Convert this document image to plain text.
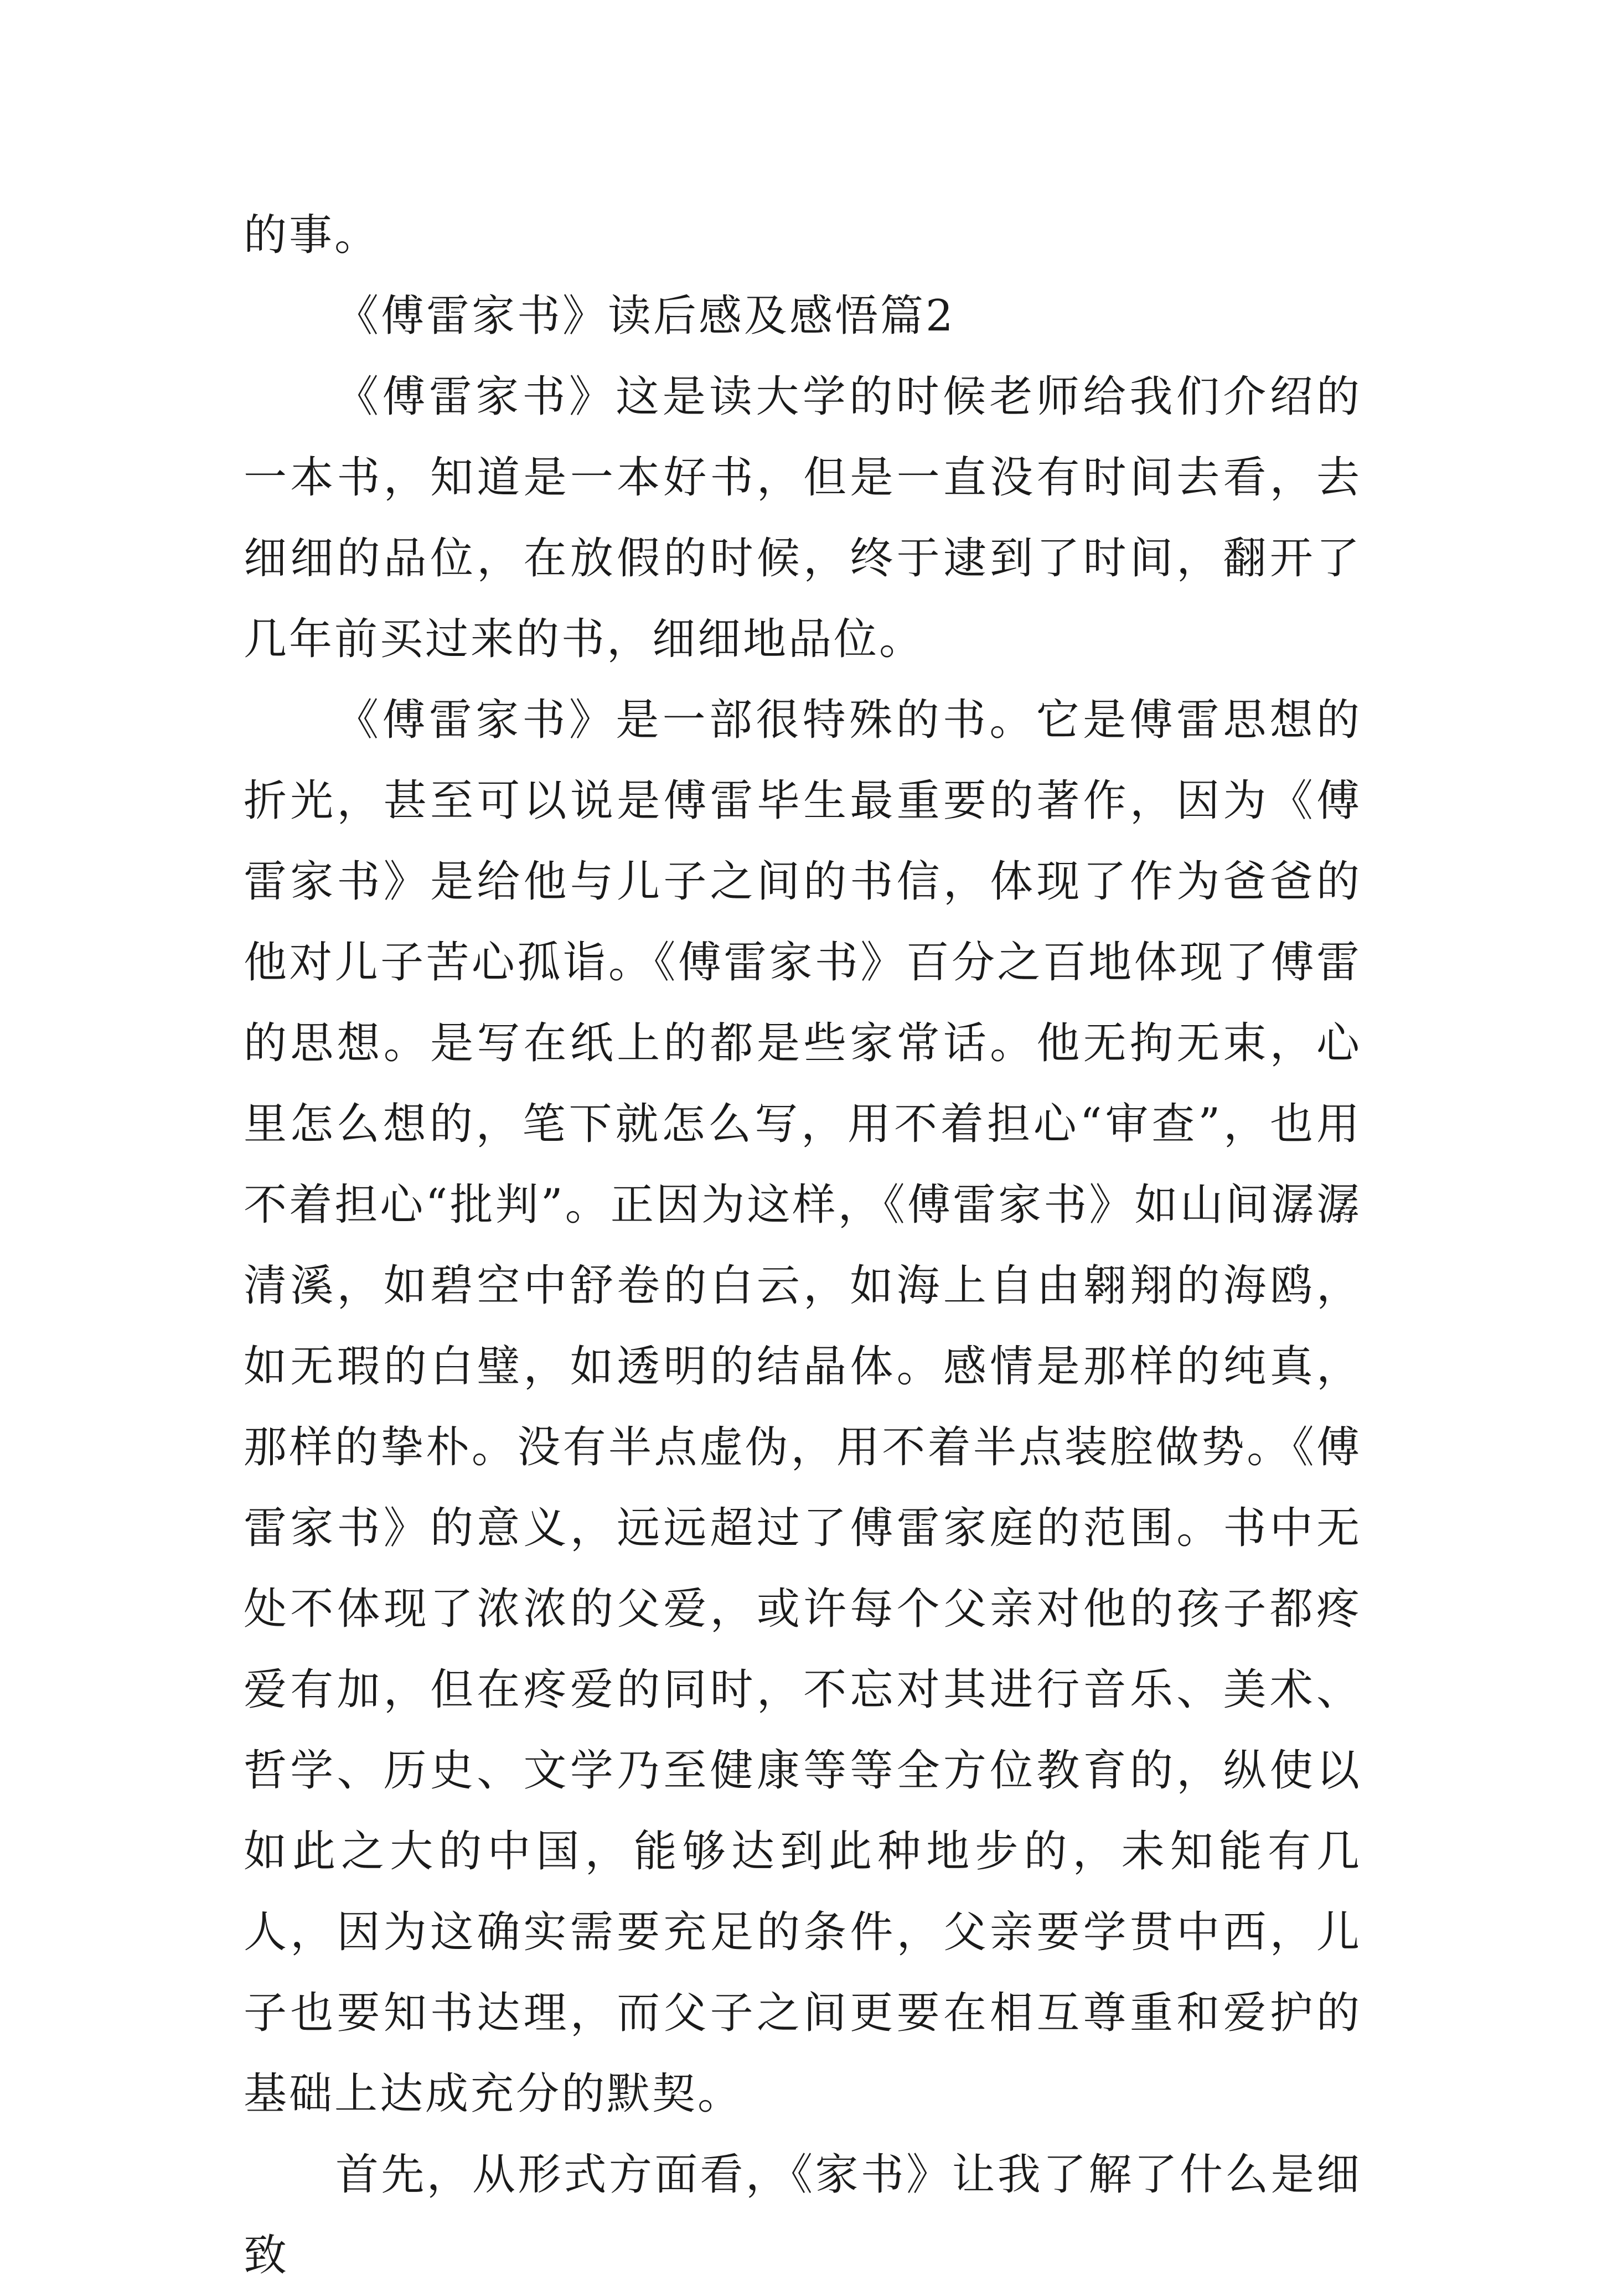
的事。

《傅雷家书》读后感及感悟篇2

《傅雷家书》这是读大学的时候老师给我们介绍的一本书，知道是一本好书，但是一直没有时间去看，去细细的品位，在放假的时候，终于逮到了时间，翻开了几年前买过来的书，细细地品位。

《傅雷家书》是一部很特殊的书。它是傅雷思想的折光，甚至可以说是傅雷毕生最重要的著作，因为《傅雷家书》是给他与儿子之间的书信，体现了作为爸爸的他对儿子苦心孤诣。《傅雷家书》百分之百地体现了傅雷的思想。是写在纸上的都是些家常话。他无拘无束，心里怎么想的，笔下就怎么写，用不着担心“审查”，也用不着担心“批判”。正因为这样，《傅雷家书》如山间潺潺清溪，如碧空中舒卷的白云，如海上自由翱翔的海鸥，如无瑕的白璧，如透明的结晶体。感情是那样的纯真，那样的挚朴。没有半点虚伪，用不着半点装腔做势。《傅雷家书》的意义，远远超过了傅雷家庭的范围。书中无处不体现了浓浓的父爱，或许每个父亲对他的孩子都疼爱有加，但在疼爱的同时，不忘对其进行音乐、美术、哲学、历史、文学乃至健康等等全方位教育的，纵使以如此之大的中国，能够达到此种地步的，未知能有几人，因为这确实需要充足的条件，父亲要学贯中西，儿子也要知书达理，而父子之间更要在相互尊重和爱护的基础上达成充分的默契。

首先，从形式方面看，《家书》让我了解了什么是细致
